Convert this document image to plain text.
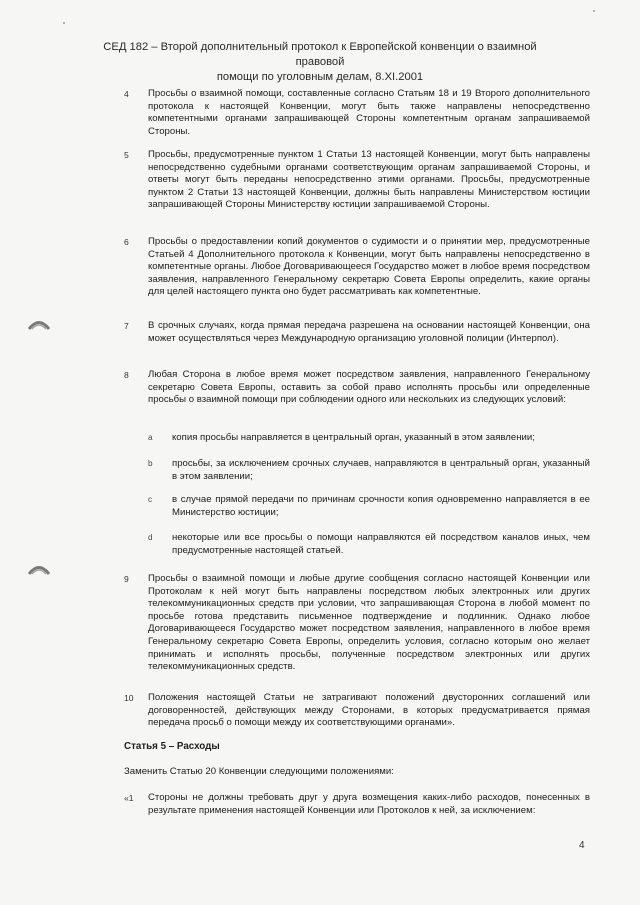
СЕД 182 – Второй дополнительный протокол к Европейской конвенции о взаимной правовой
помощи по уголовным делам, 8.XI.2001
4	Просьбы о взаимной помощи, составленные согласно Статьям 18 и 19 Второго дополнительного протокола к настоящей Конвенции, могут быть также направлены непосредственно компетентными органами запрашивающей Стороны компетентным органам запрашиваемой Стороны.
5	Просьбы, предусмотренные пунктом 1 Статьи 13 настоящей Конвенции, могут быть направлены непосредственно судебными органами соответствующим органам запрашиваемой Стороны, и ответы могут быть переданы непосредственно этими органами. Просьбы, предусмотренные пунктом 2 Статьи 13 настоящей Конвенции, должны быть направлены Министерством юстиции запрашивающей Стороны Министерству юстиции запрашиваемой Стороны.
6	Просьбы о предоставлении копий документов о судимости и о принятии мер, предусмотренные Статьей 4 Дополнительного протокола к Конвенции, могут быть направлены непосредственно в компетентные органы. Любое Договаривающееся Государство может в любое время посредством заявления, направленного Генеральному секретарю Совета Европы определить, какие органы для целей настоящего пункта оно будет рассматривать как компетентные.
7	В срочных случаях, когда прямая передача разрешена на основании настоящей Конвенции, она может осуществляться через Международную организацию уголовной полиции (Интерпол).
8	Любая Сторона в любое время может посредством заявления, направленного Генеральному секретарю Совета Европы, оставить за собой право исполнять просьбы или определенные просьбы о взаимной помощи при соблюдении одного или нескольких из следующих условий:
a	копия просьбы направляется в центральный орган, указанный в этом заявлении;
b	просьбы, за исключением срочных случаев, направляются в центральный орган, указанный в этом заявлении;
c	в случае прямой передачи по причинам срочности копия одновременно направляется в ее Министерство юстиции;
d	некоторые или все просьбы о помощи направляются ей посредством каналов иных, чем предусмотренные настоящей статьей.
9	Просьбы о взаимной помощи и любые другие сообщения согласно настоящей Конвенции или Протоколам к ней могут быть направлены посредством любых электронных или других телекоммуникационных средств при условии, что запрашивающая Сторона в любой момент по просьбе готова представить письменное подтверждение и подлинник. Однако любое Договаривающееся Государство может посредством заявления, направленного в любое время Генеральному секретарю Совета Европы, определить условия, согласно которым оно желает принимать и исполнять просьбы, полученные посредством электронных или других телекоммуникационных средств.
10	Положения настоящей Статьи не затрагивают положений двусторонних соглашений или договоренностей, действующих между Сторонами, в которых предусматривается прямая передача просьб о помощи между их соответствующими органами».
Статья 5 – Расходы
Заменить Статью 20 Конвенции следующими положениями:
«1	Стороны не должны требовать друг у друга возмещения каких-либо расходов, понесенных в результате применения настоящей Конвенции или Протоколов к ней, за исключением:
4
